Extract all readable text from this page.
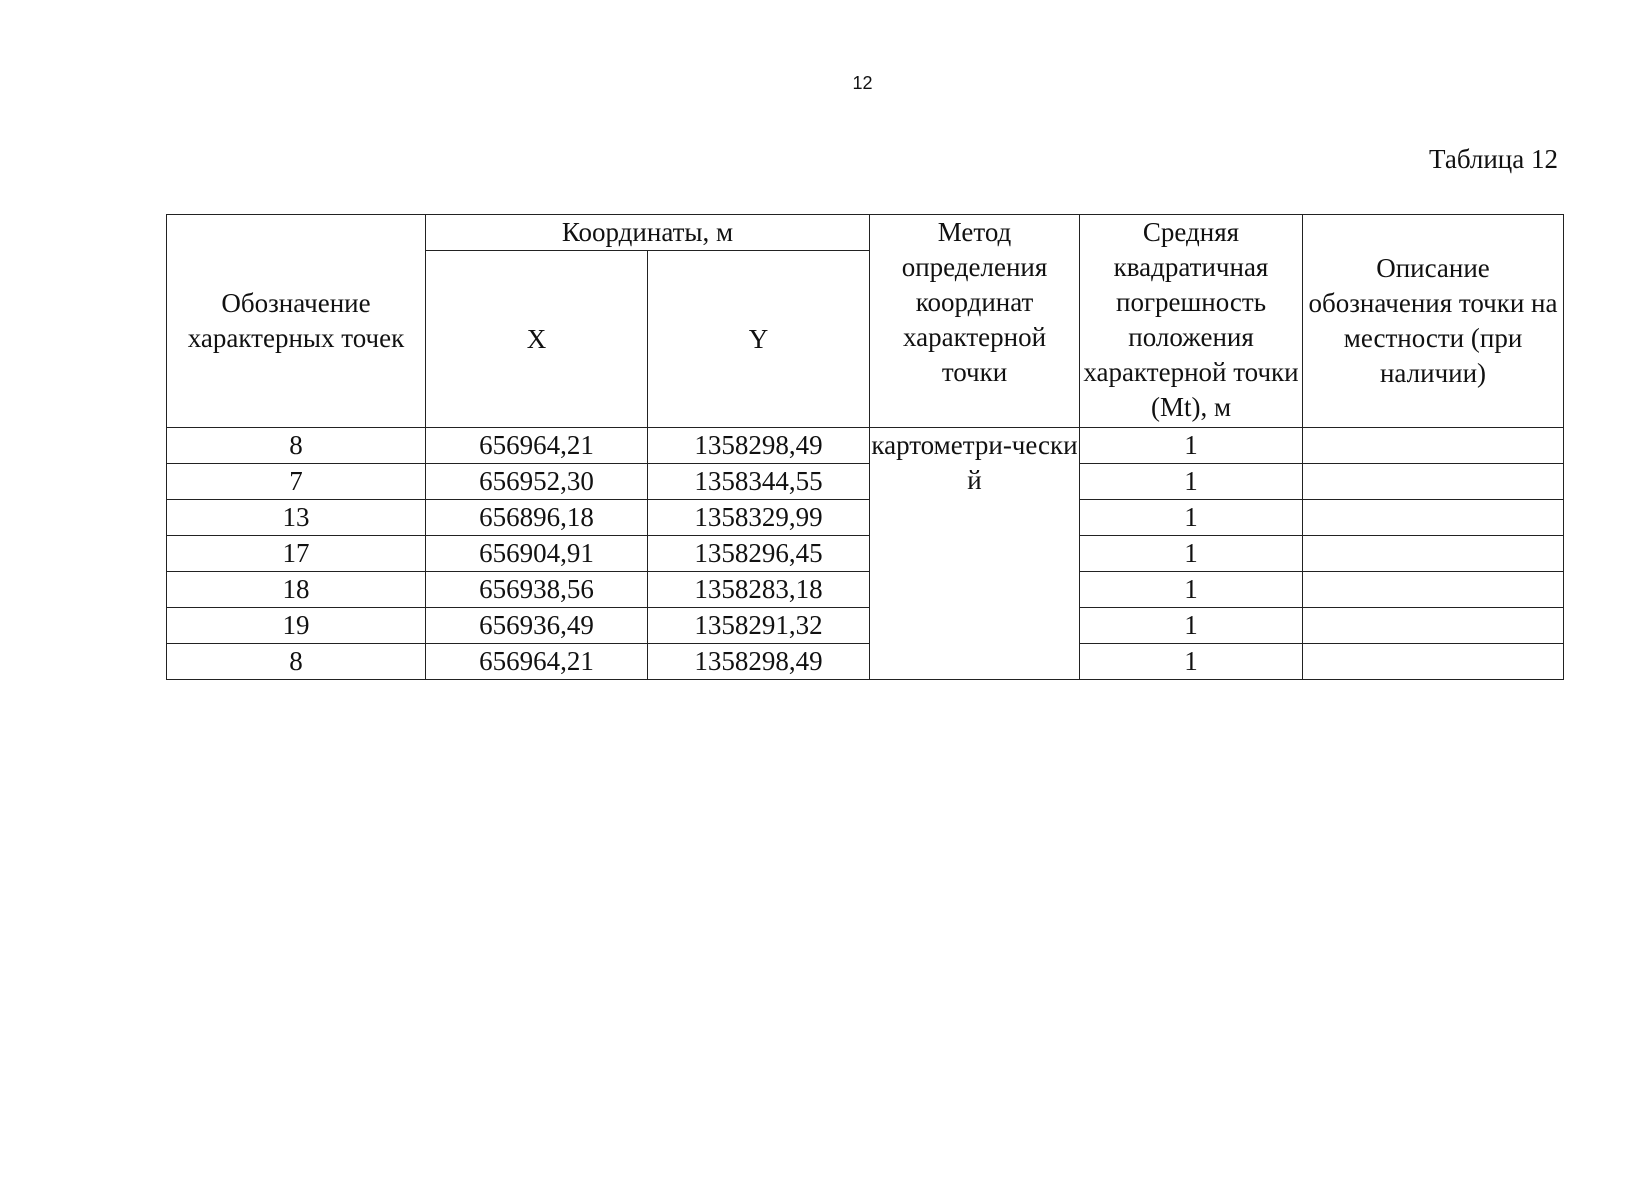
12
Таблица 12
Обозначение характерных точек	Координаты, м		Метод определения координат характерной точки	Средняя квадратичная погрешность положения характерной точки (Mt), м	Описание обозначения точки на местности (при наличии)
	X	Y			
8	656964,21	1358298,49	картометри-ческий	1	
7	656952,30	1358344,55		1	
13	656896,18	1358329,99		1	
17	656904,91	1358296,45		1	
18	656938,56	1358283,18		1	
19	656936,49	1358291,32		1	
8	656964,21	1358298,49		1	
